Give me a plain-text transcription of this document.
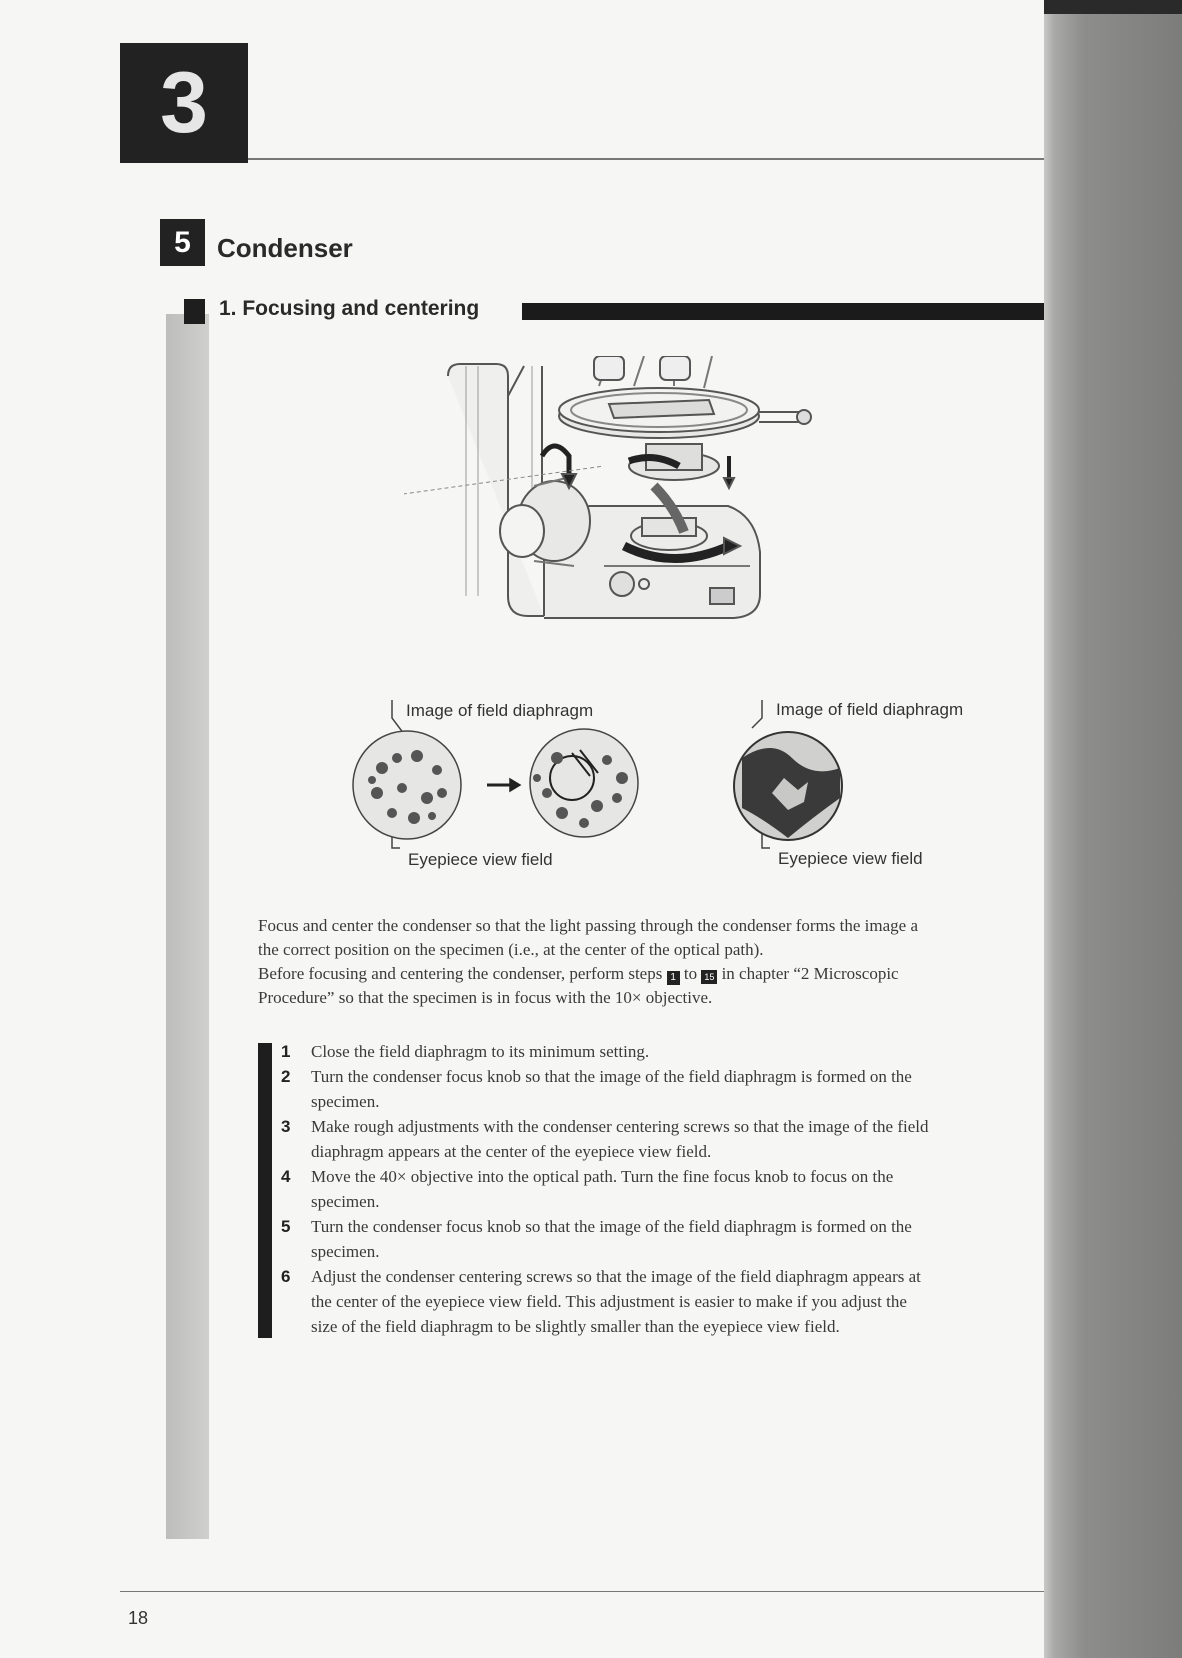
3
5	Condenser
1. Focusing and centering
Image of field diaphragm
Eyepiece view field
Image of field diaphragm
Eyepiece view field
Focus and center the condenser so that the light passing through the condenser forms the image a
the correct position on the specimen (i.e., at the center of the optical path).
Before focusing and centering the condenser, perform steps 1 to 15 in chapter “2 Microscopic
Procedure” so that the specimen is in focus with the 10× objective.
1 Close the field diaphragm to its minimum setting.
2 Turn the condenser focus knob so that the image of the field diaphragm is formed on the
specimen.
3 Make rough adjustments with the condenser centering screws so that the image of the field
diaphragm appears at the center of the eyepiece view field.
4 Move the 40× objective into the optical path. Turn the fine focus knob to focus on the
specimen.
5 Turn the condenser focus knob so that the image of the field diaphragm is formed on the
specimen.
6 Adjust the condenser centering screws so that the image of the field diaphragm appears at
the center of the eyepiece view field. This adjustment is easier to make if you adjust the
size of the field diaphragm to be slightly smaller than the eyepiece view field.
18
